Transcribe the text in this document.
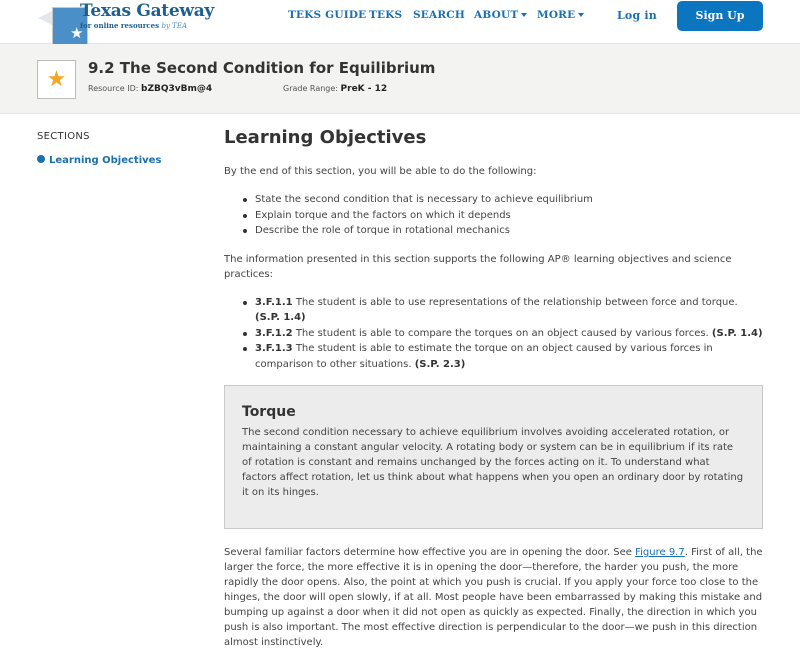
★
Texas Gateway
for online resources by TEA
TEKS GUIDE TEKS SEARCH ABOUT	MORE	Log in	Sign Up
★	9.2 The Second Condition for Equilibrium
Resource ID: bZBQ3vBm@4	Grade Range: PreK - 12
SECTIONS
Learning Objectives
Learning Objectives

By the end of this section, you will be able to do the following:

State the second condition that is necessary to achieve equilibrium
Explain torque and the factors on which it depends
Describe the role of torque in rotational mechanics

The information presented in this section supports the following AP® learning objectives and science practices:

3.F.1.1 The student is able to use representations of the relationship between force and torque. (S.P. 1.4)
3.F.1.2 The student is able to compare the torques on an object caused by various forces. (S.P. 1.4)
3.F.1.3 The student is able to estimate the torque on an object caused by various forces in comparison to other situations. (S.P. 2.3)
Torque
The second condition necessary to achieve equilibrium involves avoiding accelerated rotation, or maintaining a constant angular velocity. A rotating body or system can be in equilibrium if its rate of rotation is constant and remains unchanged by the forces acting on it. To understand what factors affect rotation, let us think about what happens when you open an ordinary door by rotating it on its hinges.

Several familiar factors determine how effective you are in opening the door. See Figure 9.7. First of all, the larger the force, the more effective it is in opening the door—therefore, the harder you push, the more rapidly the door opens. Also, the point at which you push is crucial. If you apply your force too close to the hinges, the door will open slowly, if at all. Most people have been embarrassed by making this mistake and bumping up against a door when it did not open as quickly as expected. Finally, the direction in which you push is also important. The most effective direction is perpendicular to the door—we push in this direction almost instinctively.
